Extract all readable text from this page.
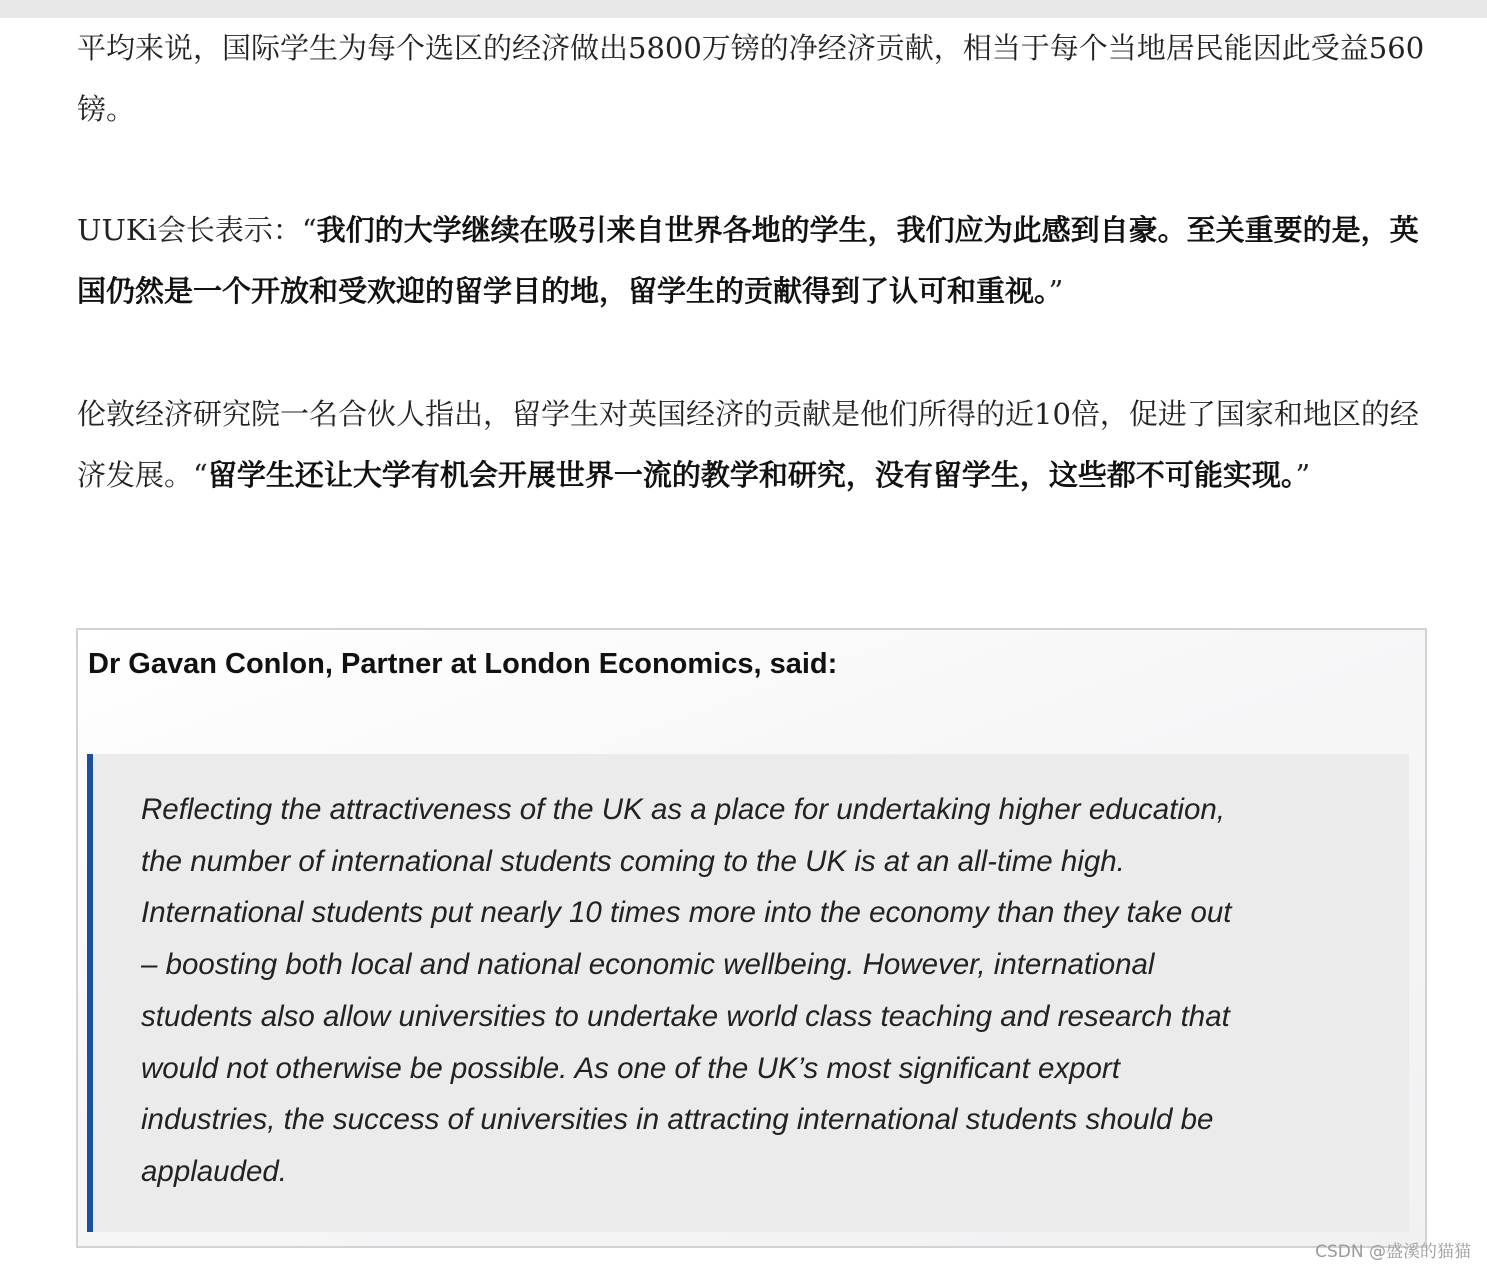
平均来说，国际学生为每个选区的经济做出5800万镑的净经济贡献，相当于每个当地居民能因此受益560镑。

UUKi会长表示：“我们的大学继续在吸引来自世界各地的学生，我们应为此感到自豪。至关重要的是，英国仍然是一个开放和受欢迎的留学目的地，留学生的贡献得到了认可和重视。”

伦敦经济研究院一名合伙人指出，留学生对英国经济的贡献是他们所得的近10倍，促进了国家和地区的经济发展。“留学生还让大学有机会开展世界一流的教学和研究，没有留学生，这些都不可能实现。”

Dr Gavan Conlon, Partner at London Economics, said:

Reflecting the attractiveness of the UK as a place for undertaking higher education,
the number of international students coming to the UK is at an all-time high.
International students put nearly 10 times more into the economy than they take out
– boosting both local and national economic wellbeing. However, international
students also allow universities to undertake world class teaching and research that
would not otherwise be possible. As one of the UK’s most significant export
industries, the success of universities in attracting international students should be
applauded.

CSDN @盛溪的猫猫
